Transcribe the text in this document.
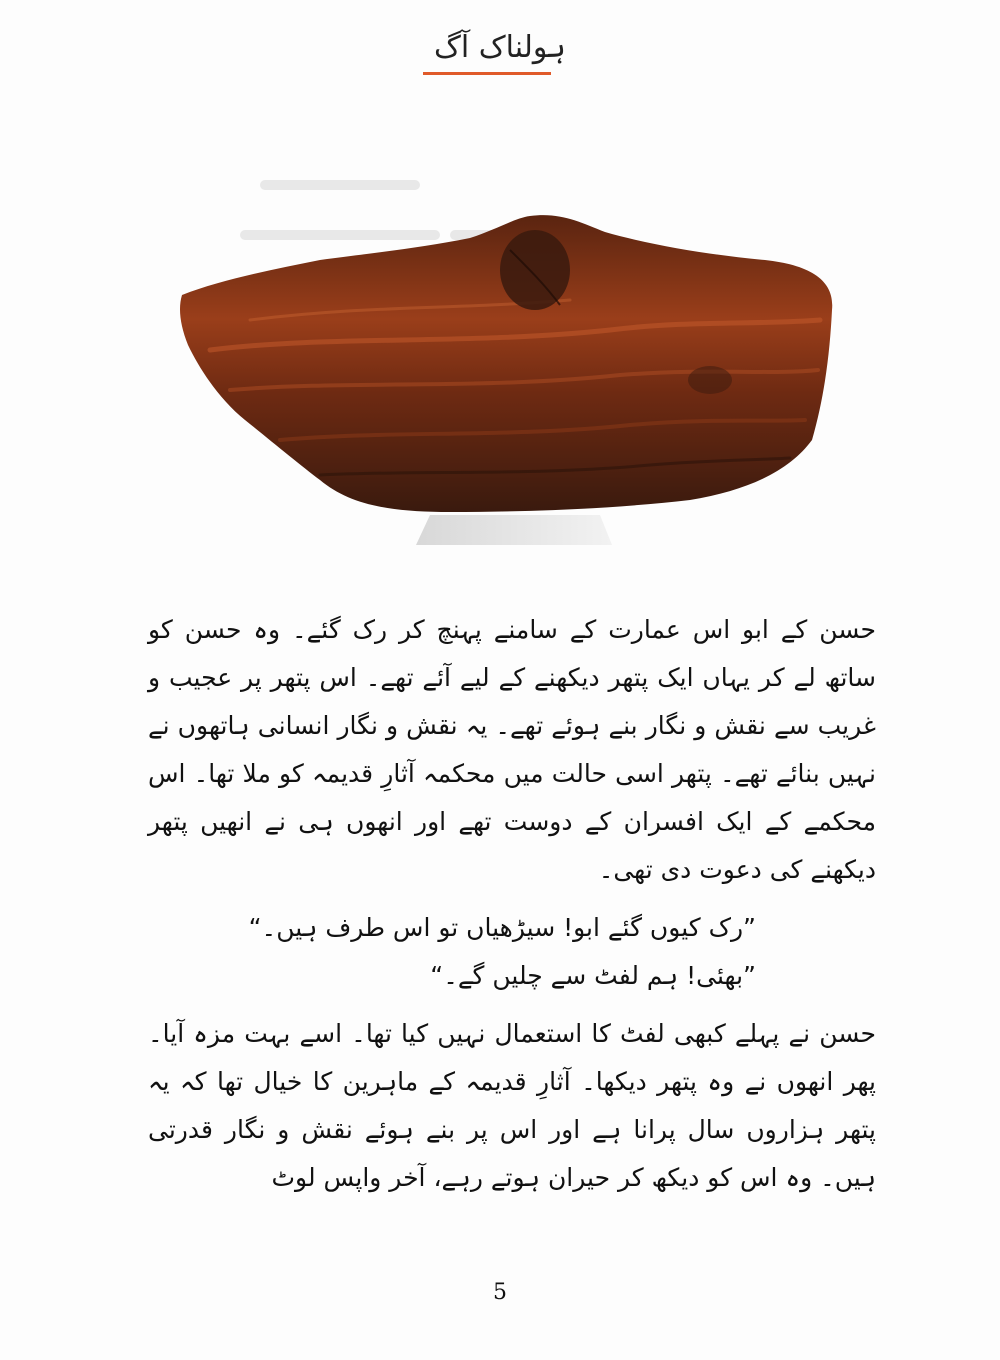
ہولناک آگ

حسن کے ابو اس عمارت کے سامنے پہنچ کر رک گئے۔ وہ حسن کو ساتھ لے کر یہاں ایک پتھر دیکھنے کے لیے آئے تھے۔ اس پتھر پر عجیب و غریب سے نقش و نگار بنے ہوئے تھے۔ یہ نقش و نگار انسانی ہاتھوں نے نہیں بنائے تھے۔ پتھر اسی حالت میں محکمہ آثارِ قدیمہ کو ملا تھا۔ اس محکمے کے ایک افسران کے دوست تھے اور انھوں ہی نے انھیں پتھر دیکھنے کی دعوت دی تھی۔

”رک کیوں گئے ابو! سیڑھیاں تو اس طرف ہیں۔“

”بھئی! ہم لفٹ سے چلیں گے۔“

حسن نے پہلے کبھی لفٹ کا استعمال نہیں کیا تھا۔ اسے بہت مزہ آیا۔ پھر انھوں نے وہ پتھر دیکھا۔ آثارِ قدیمہ کے ماہرین کا خیال تھا کہ یہ پتھر ہزاروں سال پرانا ہے اور اس پر بنے ہوئے نقش و نگار قدرتی ہیں۔ وہ اس کو دیکھ کر حیران ہوتے رہے، آخر واپس لوٹ

5
